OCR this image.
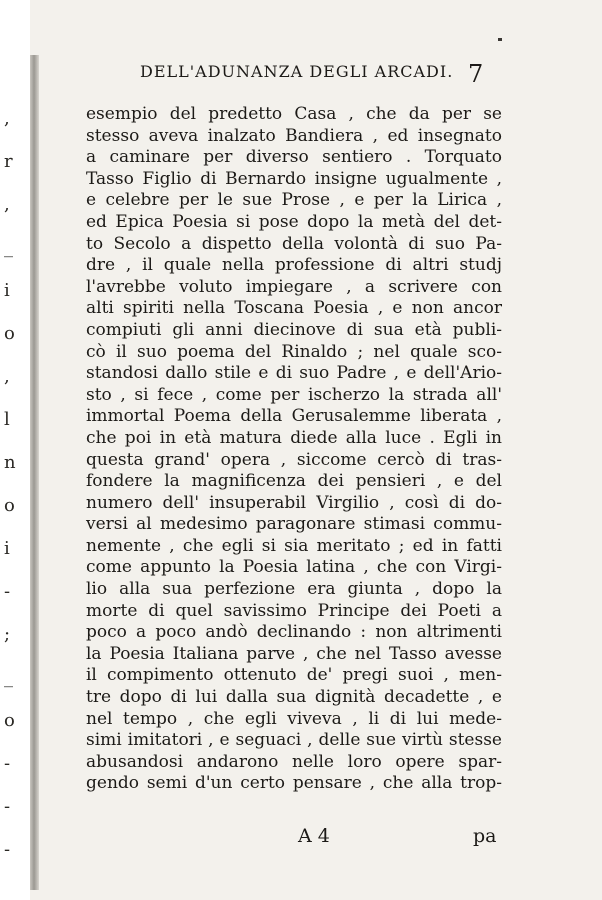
,
r
,
_
i
o
,
l
n
o
i
-
;
_
o
-
-
-
DELL'ADUNANZA DEGLI ARCADI. 7
esempio del predetto Casa , che da per se
stesso aveva inalzato Bandiera , ed insegnato
a caminare per diverso sentiero . Torquato
Tasso Figlio di Bernardo insigne ugualmente ,
e celebre per le sue Prose , e per la Lirica ,
ed Epica Poesia si pose dopo la metà del det-
to Secolo a dispetto della volontà di suo Pa-
dre , il quale nella professione di altri studj
l'avrebbe voluto impiegare , a scrivere con
alti spiriti nella Toscana Poesia , e non ancor
compiuti gli anni diecinove di sua età publi-
cò il suo poema del Rinaldo ; nel quale sco-
standosi dallo stile e di suo Padre , e dell'Ario-
sto , si fece , come per ischerzo la strada all'
immortal Poema della Gerusalemme liberata ,
che poi in età matura diede alla luce . Egli in
questa grand' opera , siccome cercò di tras-
fondere la magnificenza dei pensieri , e del
numero dell' insuperabil Virgilio , così di do-
versi al medesimo paragonare stimasi commu-
nemente , che egli si sia meritato ; ed in fatti
come appunto la Poesia latina , che con Virgi-
lio alla sua perfezione era giunta , dopo la
morte di quel savissimo Principe dei Poeti a
poco a poco andò declinando : non altrimenti
la Poesia Italiana parve , che nel Tasso avesse
il compimento ottenuto de' pregi suoi , men-
tre dopo di lui dalla sua dignità decadette , e
nel tempo , che egli viveva , li di lui mede-
simi imitatori , e seguaci , delle sue virtù stesse
abusandosi andarono nelle loro opere spar-
gendo semi d'un certo pensare , che alla trop-
A 4	pa
